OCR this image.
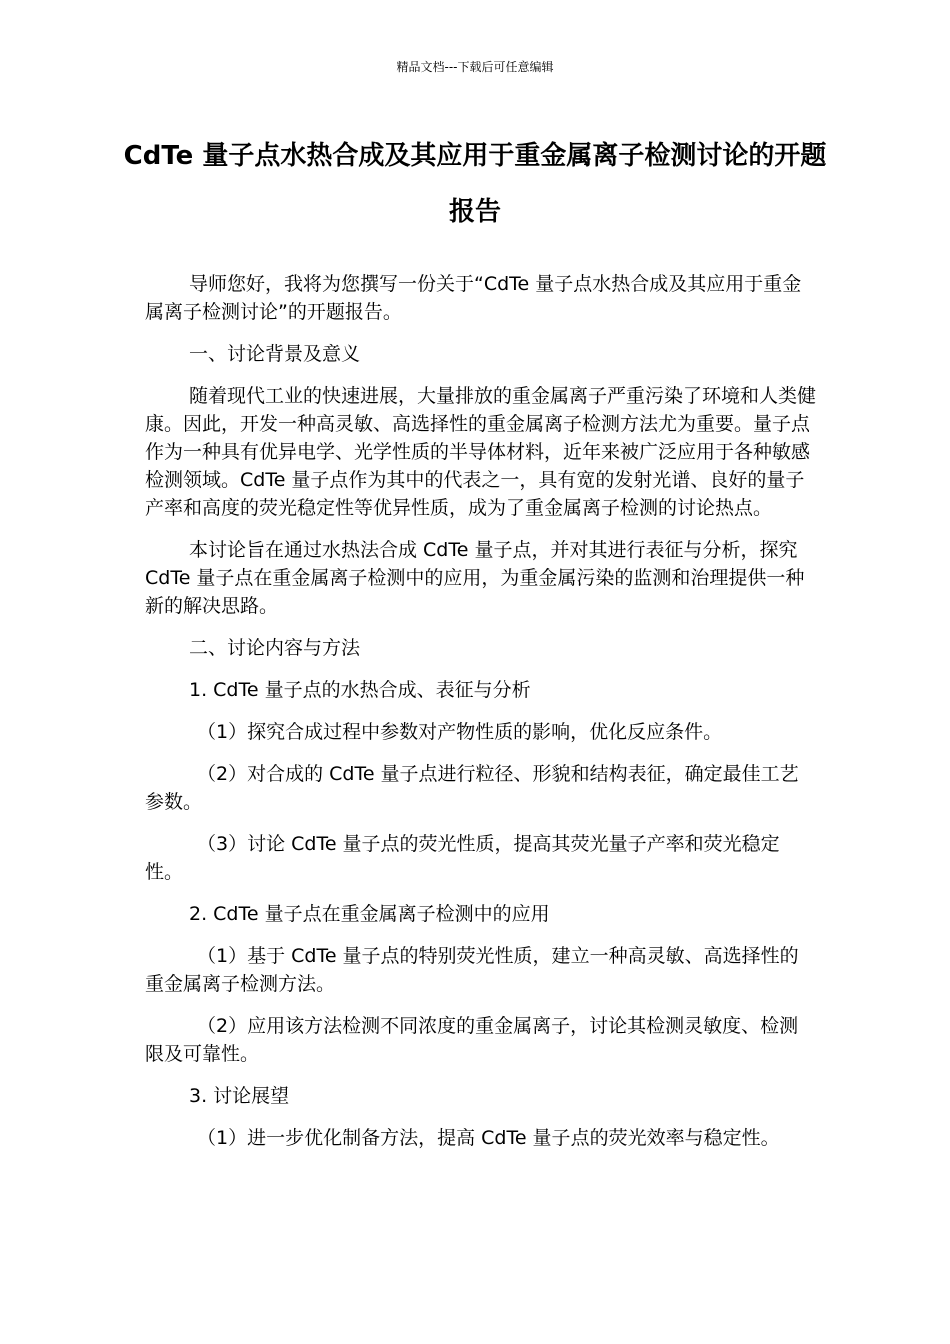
精品文档---下载后可任意编辑
CdTe 量子点水热合成及其应用于重金属离子检测讨论的开题报告

导师您好，我将为您撰写一份关于“CdTe 量子点水热合成及其应用于重金属离子检测讨论”的开题报告。

一、讨论背景及意义

随着现代工业的快速进展，大量排放的重金属离子严重污染了环境和人类健康。因此，开发一种高灵敏、高选择性的重金属离子检测方法尤为重要。量子点作为一种具有优异电学、光学性质的半导体材料，近年来被广泛应用于各种敏感检测领域。CdTe 量子点作为其中的代表之一，具有宽的发射光谱、良好的量子产率和高度的荧光稳定性等优异性质，成为了重金属离子检测的讨论热点。

本讨论旨在通过水热法合成 CdTe 量子点，并对其进行表征与分析，探究 CdTe 量子点在重金属离子检测中的应用，为重金属污染的监测和治理提供一种新的解决思路。

二、讨论内容与方法

1. CdTe 量子点的水热合成、表征与分析

（1）探究合成过程中参数对产物性质的影响，优化反应条件。

（2）对合成的 CdTe 量子点进行粒径、形貌和结构表征，确定最佳工艺参数。

（3）讨论 CdTe 量子点的荧光性质，提高其荧光量子产率和荧光稳定性。

2. CdTe 量子点在重金属离子检测中的应用

（1）基于 CdTe 量子点的特别荧光性质，建立一种高灵敏、高选择性的重金属离子检测方法。

（2）应用该方法检测不同浓度的重金属离子，讨论其检测灵敏度、检测限及可靠性。

3. 讨论展望

（1）进一步优化制备方法，提高 CdTe 量子点的荧光效率与稳定性。
